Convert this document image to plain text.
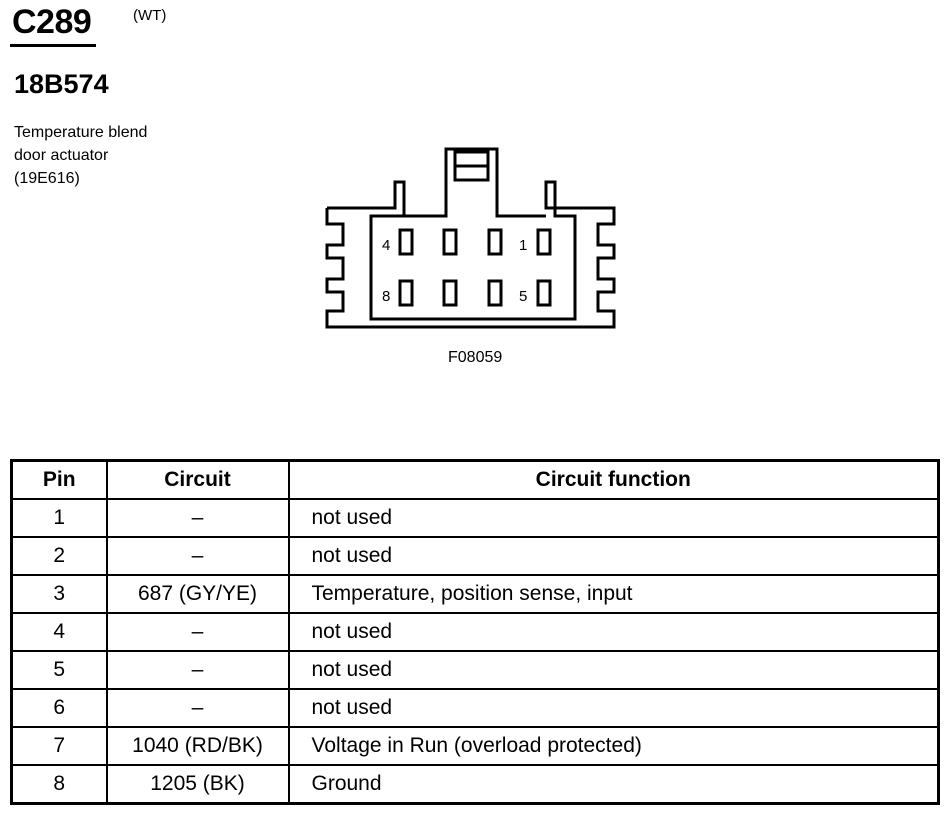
C289	(WT)
18B574
Temperature blend
door actuator
(19E616)
4	1
8	5
F08059
Pin	Circuit	Circuit function
1	–	not used
2	–	not used
3	687 (GY/YE)	Temperature, position sense, input
4	–	not used
5	–	not used
6	–	not used
7	1040 (RD/BK)	Voltage in Run (overload protected)
8	1205 (BK)	Ground
